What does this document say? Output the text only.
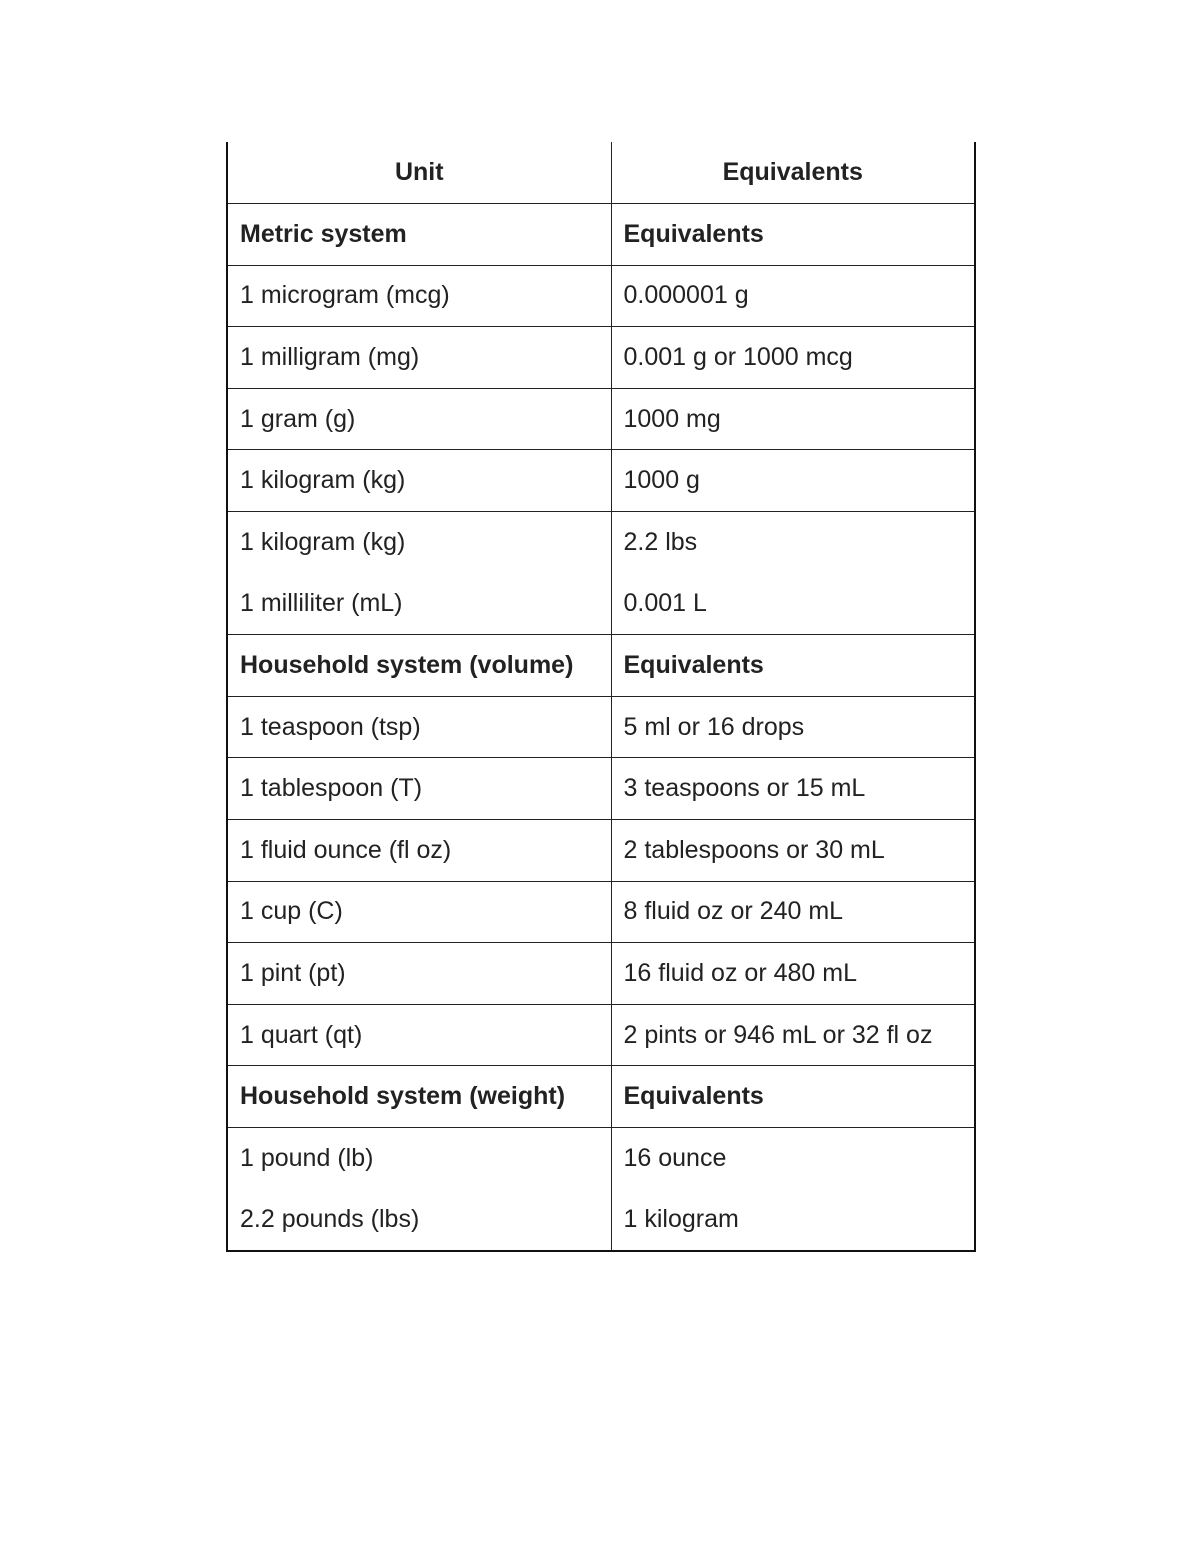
Unit	Equivalents
Metric system	Equivalents
1 microgram (mcg)	0.000001 g
1 milligram (mg)	0.001 g or 1000 mcg
1 gram (g)	1000 mg
1 kilogram (kg)	1000 g
1 kilogram (kg)	2.2 lbs
1 milliliter (mL)	0.001 L
Household system (volume)	Equivalents
1 teaspoon (tsp)	5 ml or 16 drops
1 tablespoon (T)	3 teaspoons or 15 mL
1 fluid ounce (fl oz)	2 tablespoons or 30 mL
1 cup (C)	8 fluid oz or 240 mL
1 pint (pt)	16 fluid oz or 480 mL
1 quart (qt)	2 pints or 946 mL or 32 fl oz
Household system (weight)	Equivalents
1 pound (lb)	16 ounce
2.2 pounds (lbs)	1 kilogram
